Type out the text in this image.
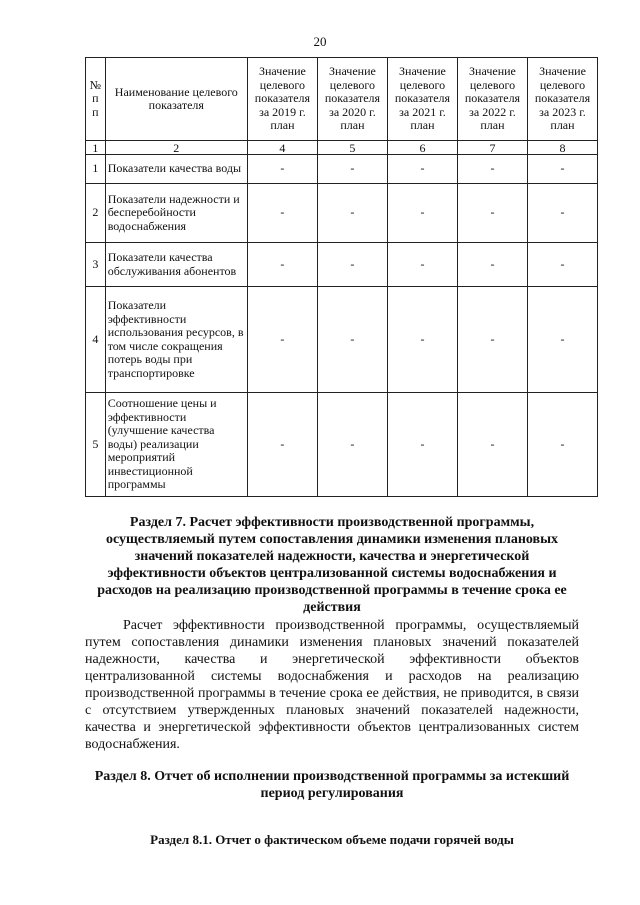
20
№ п п	Наименование целевого показателя	Значение целевого показателя за 2019 г. план	Значение целевого показателя за 2020 г. план	Значение целевого показателя за 2021 г. план	Значение целевого показателя за 2022 г. план	Значение целевого показателя за 2023 г. план
1	2	4	5	6	7	8
1	Показатели качества воды	-	-	-	-	-
2	Показатели надежности и бесперебойности водоснабжения	-	-	-	-	-
3	Показатели качества обслуживания абонентов	-	-	-	-	-
4	Показатели эффективности использования ресурсов, в том числе сокращения потерь воды при транспортировке	-	-	-	-	-
5	Соотношение цены и эффективности (улучшение качества воды) реализации мероприятий инвестиционной программы	-	-	-	-	-
Раздел 7. Расчет эффективности производственной программы, осуществляемый путем сопоставления динамики изменения плановых значений показателей надежности, качества и энергетической эффективности объектов централизованной системы водоснабжения и расходов на реализацию производственной программы в течение срока ее действия
Расчет эффективности производственной программы, осуществляемый путем сопоставления динамики изменения плановых значений показателей надежности, качества и энергетической эффективности объектов централизованной системы водоснабжения и расходов на реализацию производственной программы в течение срока ее действия, не приводится, в связи с отсутствием утвержденных плановых значений показателей надежности, качества и энергетической эффективности объектов централизованных систем водоснабжения.
Раздел 8. Отчет об исполнении производственной программы за истекший период регулирования
Раздел 8.1. Отчет о фактическом объеме подачи горячей воды
